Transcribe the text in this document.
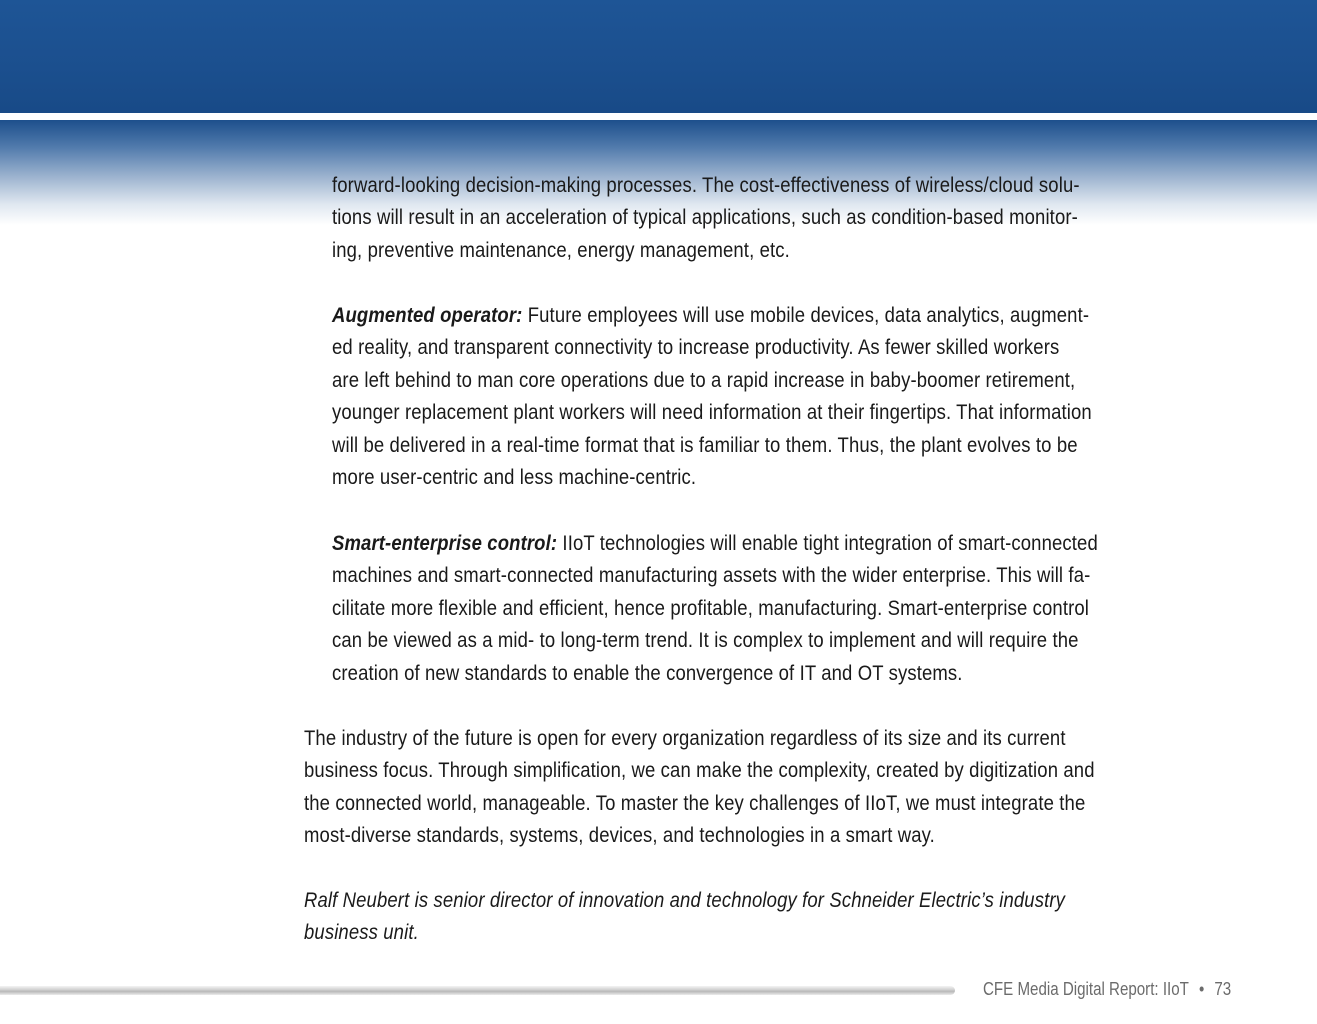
forward-looking decision-making processes. The cost-effectiveness of wireless/cloud solu-
tions will result in an acceleration of typical applications, such as condition-based monitor-
ing, preventive maintenance, energy management, etc.

Augmented operator: Future employees will use mobile devices, data analytics, augment-
ed reality, and transparent connectivity to increase productivity. As fewer skilled workers
are left behind to man core operations due to a rapid increase in baby-boomer retirement,
younger replacement plant workers will need information at their fingertips. That information
will be delivered in a real-time format that is familiar to them. Thus, the plant evolves to be
more user-centric and less machine-centric.

Smart-enterprise control: IIoT technologies will enable tight integration of smart-connected
machines and smart-connected manufacturing assets with the wider enterprise. This will fa-
cilitate more flexible and efficient, hence profitable, manufacturing. Smart-enterprise control
can be viewed as a mid- to long-term trend. It is complex to implement and will require the
creation of new standards to enable the convergence of IT and OT systems.

The industry of the future is open for every organization regardless of its size and its current
business focus. Through simplification, we can make the complexity, created by digitization and
the connected world, manageable. To master the key challenges of IIoT, we must integrate the
most-diverse standards, systems, devices, and technologies in a smart way.

Ralf Neubert is senior director of innovation and technology for Schneider Electric’s industry
business unit.

CFE Media Digital Report: IIoT • 73
